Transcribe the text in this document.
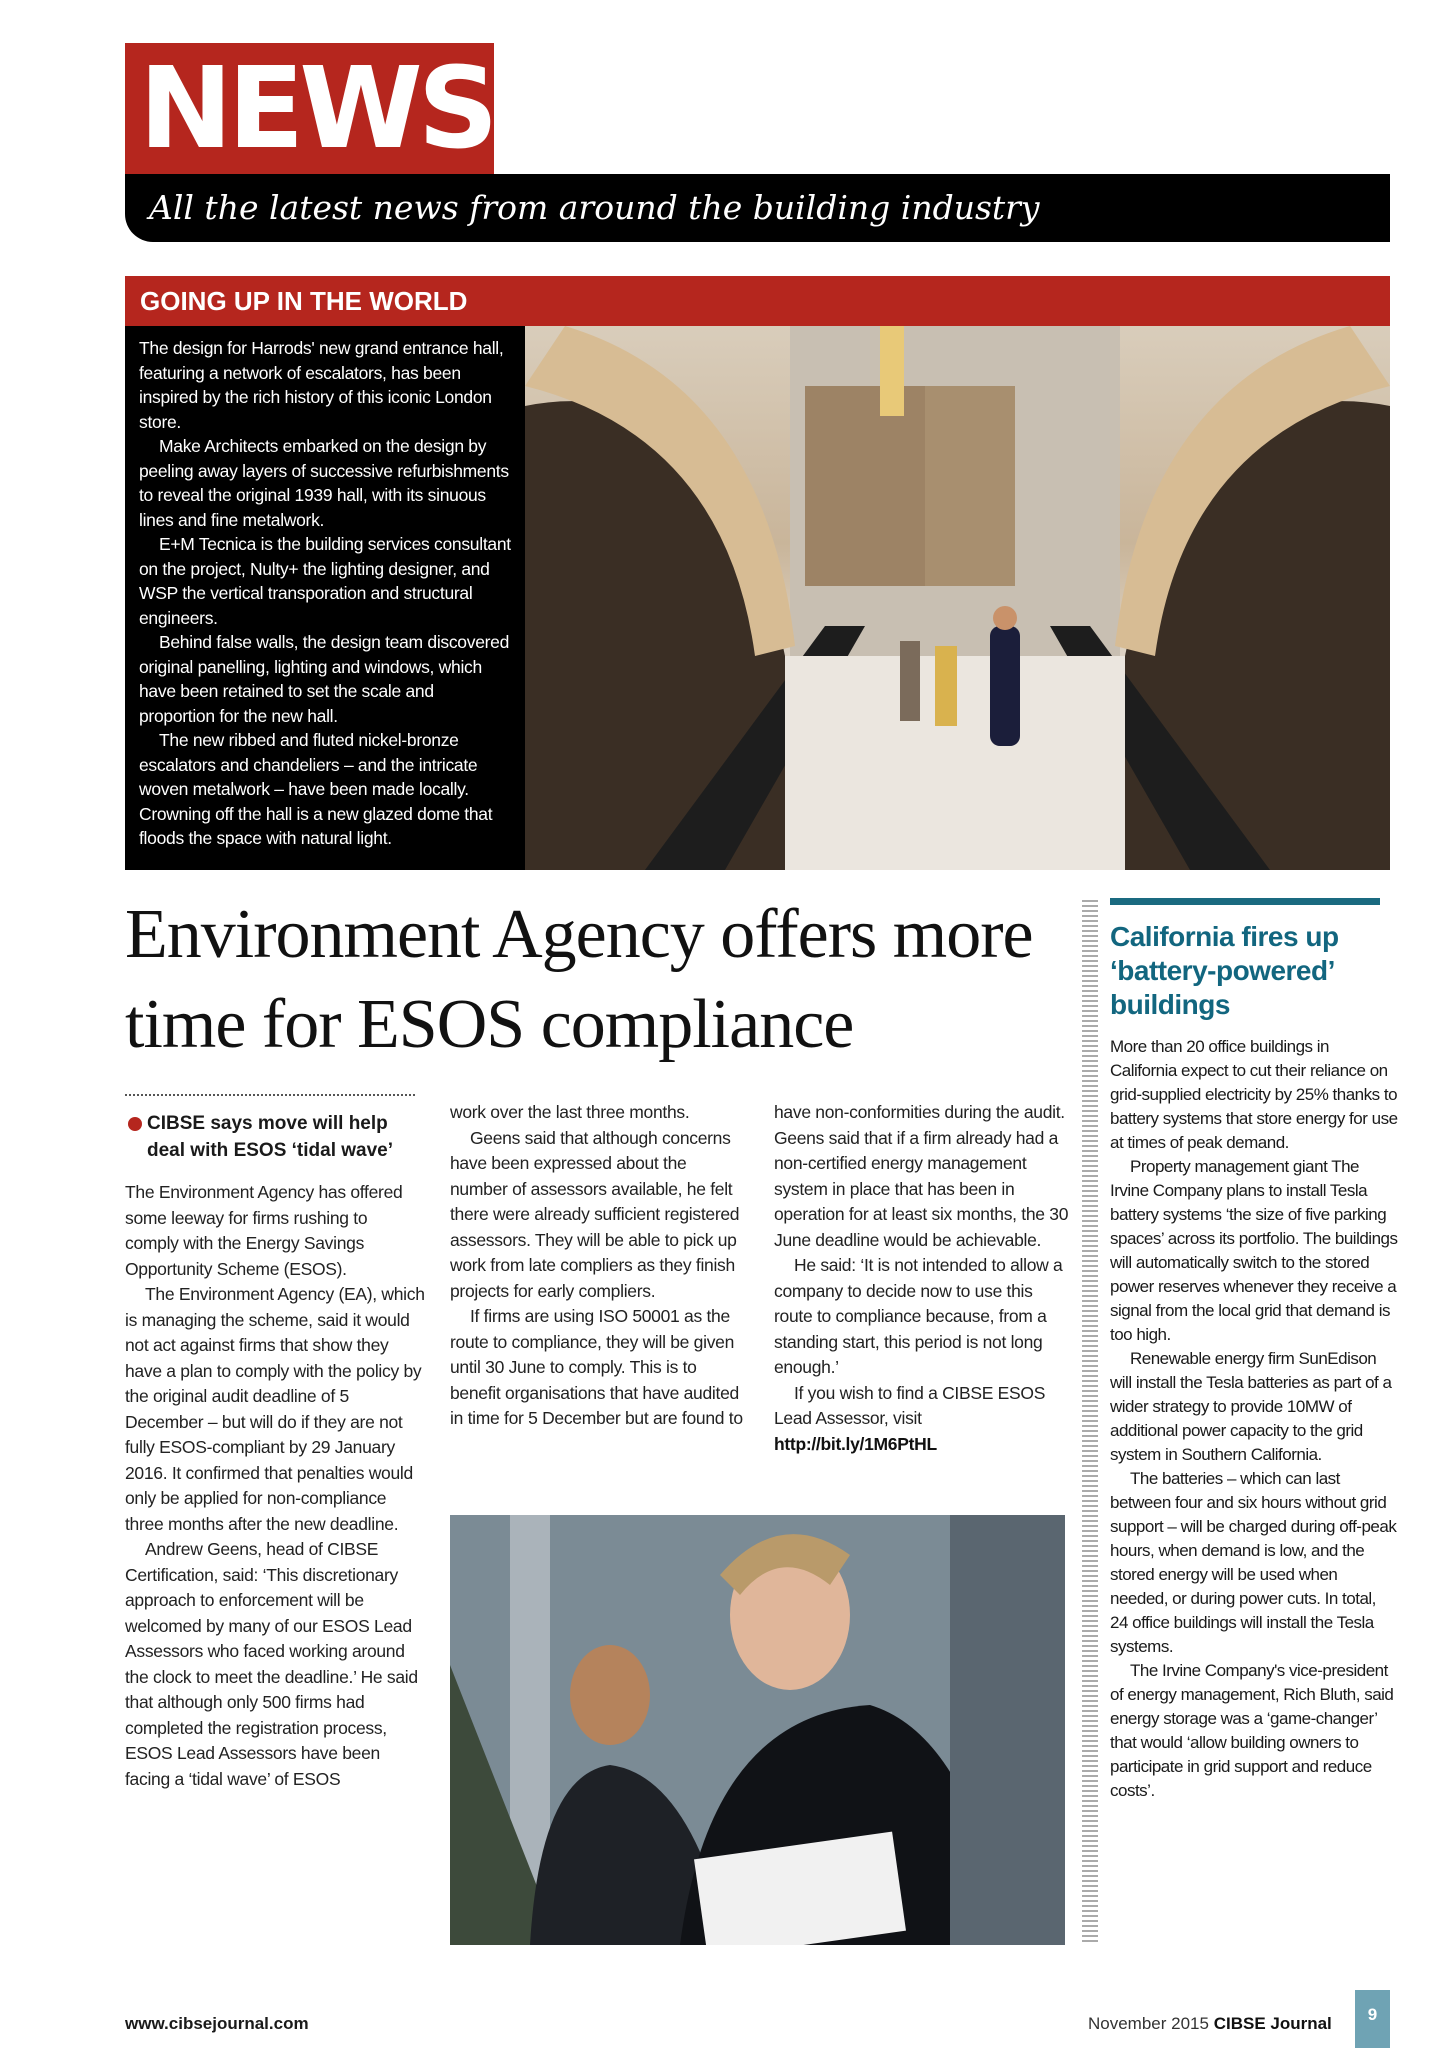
NEWS
All the latest news from around the building industry
GOING UP IN THE WORLD

The design for Harrods' new grand entrance hall, featuring a network of escalators, has been inspired by the rich history of this iconic London store.

Make Architects embarked on the design by peeling away layers of successive refurbishments to reveal the original 1939 hall, with its sinuous lines and fine metalwork.

E+M Tecnica is the building services consultant on the project, Nulty+ the lighting designer, and WSP the vertical transporation and structural engineers.

Behind false walls, the design team discovered original panelling, lighting and windows, which have been retained to set the scale and proportion for the new hall.

The new ribbed and fluted nickel-bronze escalators and chandeliers – and the intricate woven metalwork – have been made locally. Crowning off the hall is a new glazed dome that floods the space with natural light.

Environment Agency offers more time for ESOS compliance
CIBSE says move will help deal with ESOS ‘tidal wave’

The Environment Agency has offered some leeway for firms rushing to comply with the Energy Savings Opportunity Scheme (ESOS).

The Environment Agency (EA), which is managing the scheme, said it would not act against firms that show they have a plan to comply with the policy by the original audit deadline of 5 December – but will do if they are not fully ESOS-compliant by 29 January 2016. It confirmed that penalties would only be applied for non-compliance three months after the new deadline.

Andrew Geens, head of CIBSE Certification, said: ‘This discretionary approach to enforcement will be welcomed by many of our ESOS Lead Assessors who faced working around the clock to meet the deadline.’ He said that although only 500 firms had completed the registration process, ESOS Lead Assessors have been facing a ‘tidal wave’ of ESOS

work over the last three months.

Geens said that although concerns have been expressed about the number of assessors available, he felt there were already sufficient registered assessors. They will be able to pick up work from late compliers as they finish projects for early compliers.

If firms are using ISO 50001 as the route to compliance, they will be given until 30 June to comply. This is to benefit organisations that have audited in time for 5 December but are found to

have non-conformities during the audit. Geens said that if a firm already had a non-certified energy management system in place that has been in operation for at least six months, the 30 June deadline would be achievable.

He said: ‘It is not intended to allow a company to decide now to use this route to compliance because, from a standing start, this period is not long enough.’

If you wish to find a CIBSE ESOS Lead Assessor, visit

http://bit.ly/1M6PtHL
California fires up ‘battery-powered’ buildings

More than 20 office buildings in California expect to cut their reliance on grid-supplied electricity by 25% thanks to battery systems that store energy for use at times of peak demand.

Property management giant The Irvine Company plans to install Tesla battery systems ‘the size of five parking spaces’ across its portfolio. The buildings will automatically switch to the stored power reserves whenever they receive a signal from the local grid that demand is too high.

Renewable energy firm SunEdison will install the Tesla batteries as part of a wider strategy to provide 10MW of additional power capacity to the grid system in Southern California.

The batteries – which can last between four and six hours without grid support – will be charged during off-peak hours, when demand is low, and the stored energy will be used when needed, or during power cuts. In total, 24 office buildings will install the Tesla systems.

The Irvine Company's vice-president of energy management, Rich Bluth, said energy storage was a ‘game-changer’ that would ‘allow building owners to participate in grid support and reduce costs’.

www.cibsejournal.com	November 2015 CIBSE Journal	9
